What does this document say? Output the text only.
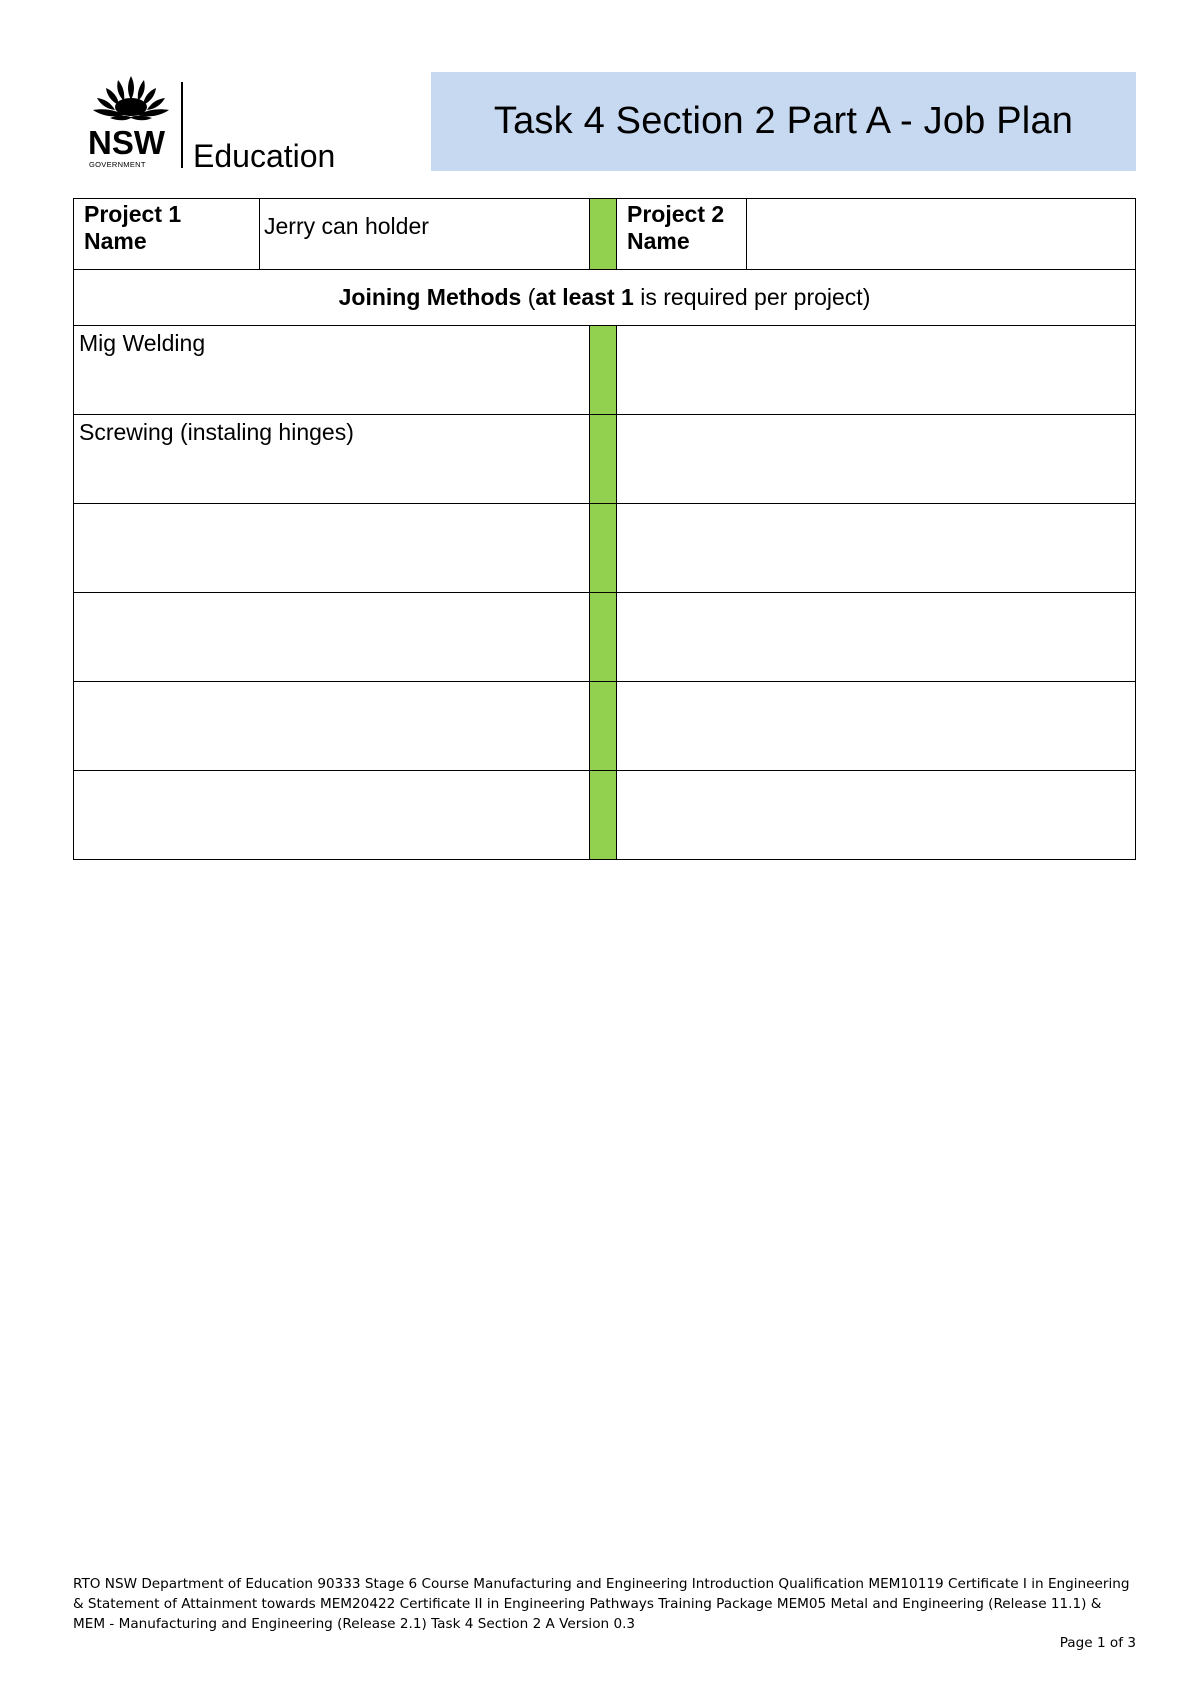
NSW
GOVERNMENT Education
Task 4 Section 2 Part A - Job Plan
Project 1 Name	Jerry can holder		Project 2 Name	
Joining Methods (at least 1 is required per project)				
Mig Welding				
Screwing (instaling hinges)				

RTO NSW Department of Education 90333 Stage 6 Course Manufacturing and Engineering Introduction Qualification MEM10119 Certificate I in Engineering & Statement of Attainment towards MEM20422 Certificate II in Engineering Pathways Training Package MEM05 Metal and Engineering (Release 11.1) & MEM - Manufacturing and Engineering (Release 2.1) Task 4 Section 2 A Version 0.3
Page 1 of 3
